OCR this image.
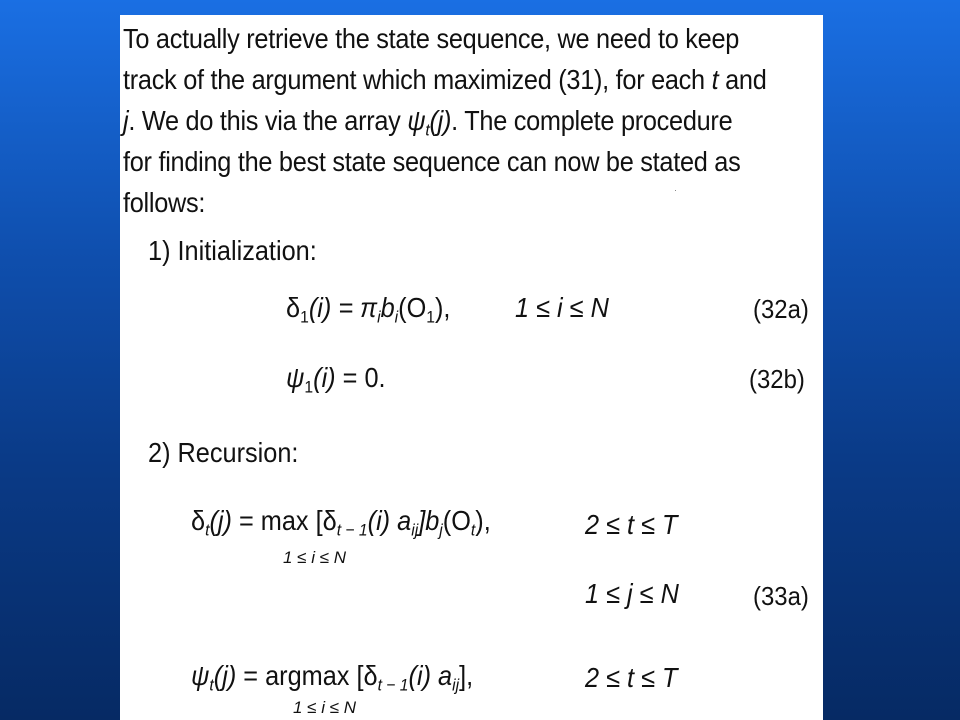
To actually retrieve the state sequence, we need to keep
track of the argument which maximized (31), for each t and
j. We do this via the array $\psi_t(j)$. The complete procedure
for finding the best state sequence can now be stated as
follows:
1) Initialization:
$\delta_1(i) = \pi_ib_i(O_1)$, 1 ≤ i ≤ N	(32a)
$\psi_1(i) = 0$.	(32b)
2) Recursion:
$\delta_t(j) = \max [\delta_{t - 1}(i)$ $a_{ij}]b_j(O_t)$,
1 ≤ i ≤ N
2 ≤ t ≤ T
1 ≤ j ≤ N	(33a)
$\psi_t(j) = argmax$ [$\delta_{t - 1}(i)$ $a_{ij}$],
1 ≤ i ≤ N
2 ≤ t ≤ T
